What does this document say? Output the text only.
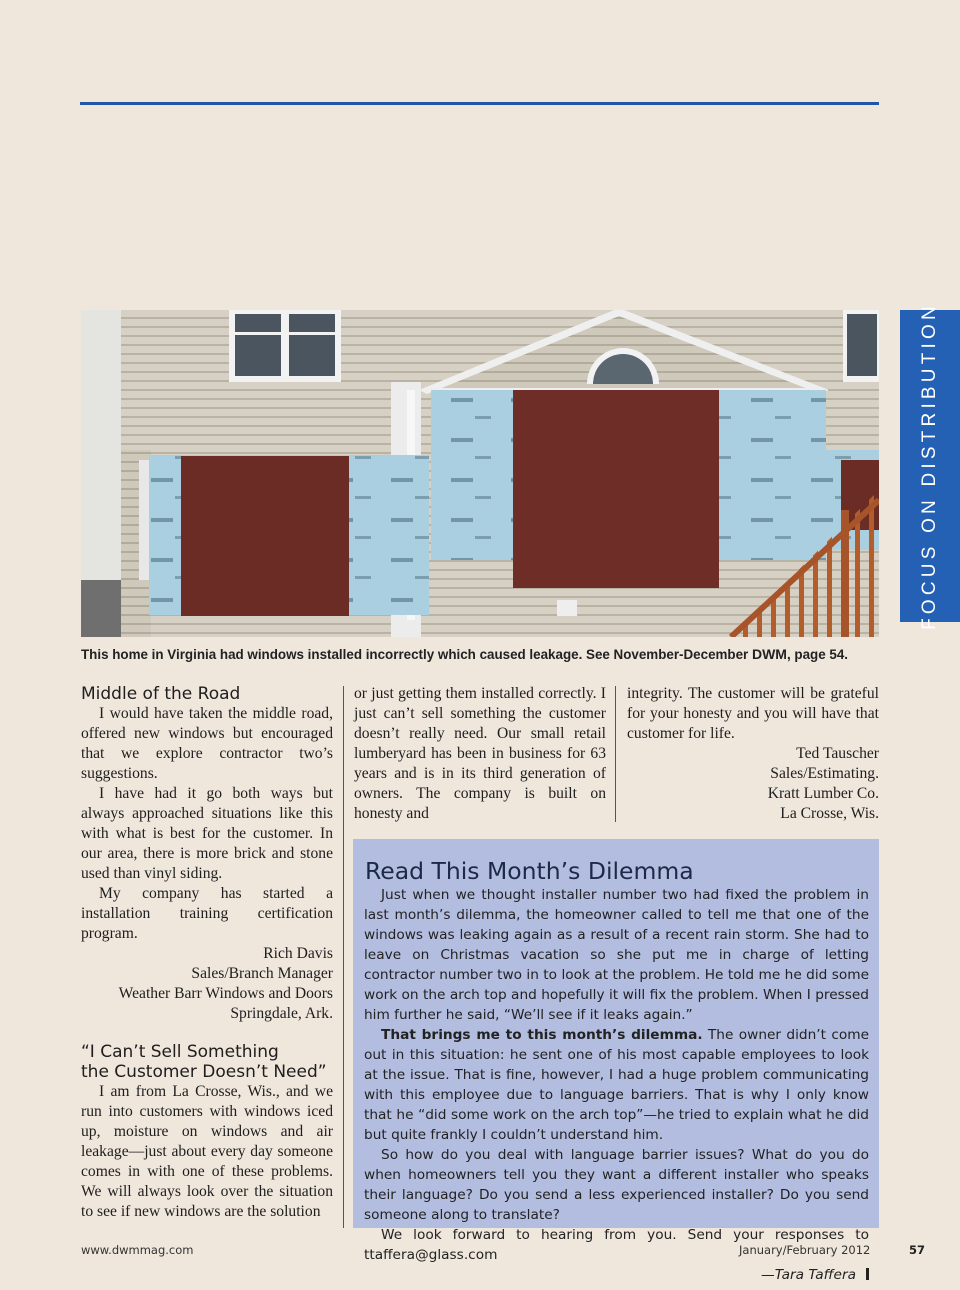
FOCUS ON DISTRIBUTION
This home in Virginia had windows installed incorrectly which caused leakage. See November-December DWM, page 54.
Middle of the Road

I would have taken the middle road, offered new windows but encouraged that we explore contractor two’s suggestions.

I have had it go both ways but always approached situations like this with what is best for the customer. In our area, there is more brick and stone used than vinyl siding.

My company has started a installation training certification program.

Rich Davis

Sales/Branch Manager

Weather Barr Windows and Doors

Springdale, Ark.

“I Can’t Sell Something
the Customer Doesn’t Need”

I am from La Crosse, Wis., and we run into customers with windows iced up, moisture on windows and air leakage—just about every day someone comes in with one of these problems. We will always look over the situation to see if new windows are the solution

or just getting them installed correctly. I just can’t sell something the customer doesn’t really need. Our small retail lumberyard has been in business for 63 years and is in its third generation of owners. The company is built on honesty and

integrity. The customer will be grateful for your honesty and you will have that customer for life.

Ted Tauscher

Sales/Estimating.

Kratt Lumber Co.

La Crosse, Wis.

Read This Month’s Dilemma

Just when we thought installer number two had fixed the problem in last month’s dilemma, the homeowner called to tell me that one of the windows was leaking again as a result of a recent rain storm. She had to leave on Christmas vacation so she put me in charge of letting contractor number two in to look at the problem. He told me he did some work on the arch top and hopefully it will fix the problem. When I pressed him further he said, “We’ll see if it leaks again.”

That brings me to this month’s dilemma. The owner didn’t come out in this situation: he sent one of his most capable employees to look at the issue. That is fine, however, I had a huge problem communicating with this employee due to language barriers. That is why I only know that he “did some work on the arch top”—he tried to explain what he did but quite frankly I couldn’t understand him.

So how do you deal with language barrier issues? What do you do when homeowners tell you they want a different installer who speaks their language? Do you send a less experienced installer? Do you send someone along to translate?

We look forward to hearing from you. Send your responses to ttaffera@glass.com

—Tara Taffera
www.dwmmag.com	January/February 2012	57
